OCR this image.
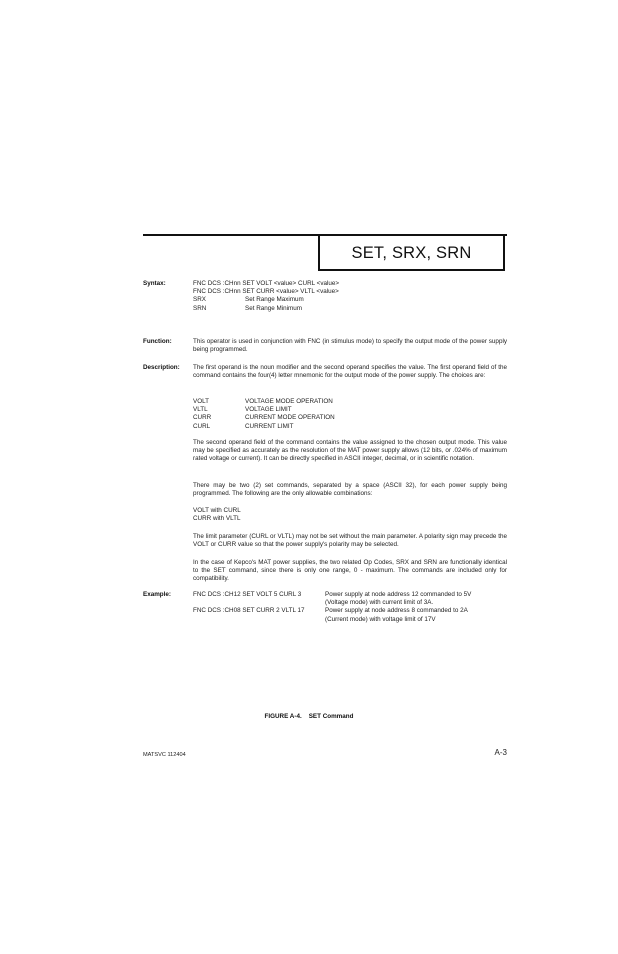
SET, SRX, SRN
Syntax:	FNC DCS :CHnn SET VOLT <value> CURL <value>
FNC DCS :CHnn SET CURR <value> VLTL <value>
SRX	Set Range Maximum
SRN	Set Range Minimum
Function:	This operator is used in conjunction with FNC (in stimulus mode) to specify the output mode of the power supply being programmed.
Description: The first operand is the noun modifier and the second operand specifies the value. The first operand field of the command contains the four(4) letter mnemonic for the output mode of the power supply. The choices are:
VOLT	VOLTAGE MODE OPERATION
VLTL	VOLTAGE LIMIT
CURR	CURRENT MODE OPERATION
CURL	CURRENT LIMIT
The second operand field of the command contains the value assigned to the chosen output mode. This value may be specified as accurately as the resolution of the MAT power supply allows (12 bits, or .024% of maximum rated voltage or current). It can be directly specified in ASCII integer, decimal, or in scientific notation.
There may be two (2) set commands, separated by a space (ASCII 32), for each power supply being programmed. The following are the only allowable combinations:
VOLT with CURL
CURR with VLTL
The limit parameter (CURL or VLTL) may not be set without the main parameter. A polarity sign may precede the VOLT or CURR value so that the power supply's polarity may be selected.
In the case of Kepco's MAT power supplies, the two related Op Codes, SRX and SRN are functionally identical to the SET command, since there is only one range, 0 - maximum. The commands are included only for compatibility.
Example:	FNC DCS :CH12 SET VOLT 5 CURL 3	Power supply at node address 12 commanded to 5V
(Voltage mode) with current limit of 3A.
FNC DCS :CH08 SET CURR 2 VLTL 17	Power supply at node address 8 commanded to 2A
(Current mode) with voltage limit of 17V
FIGURE A-4.    SET Command
MATSVC 112404	A-3
